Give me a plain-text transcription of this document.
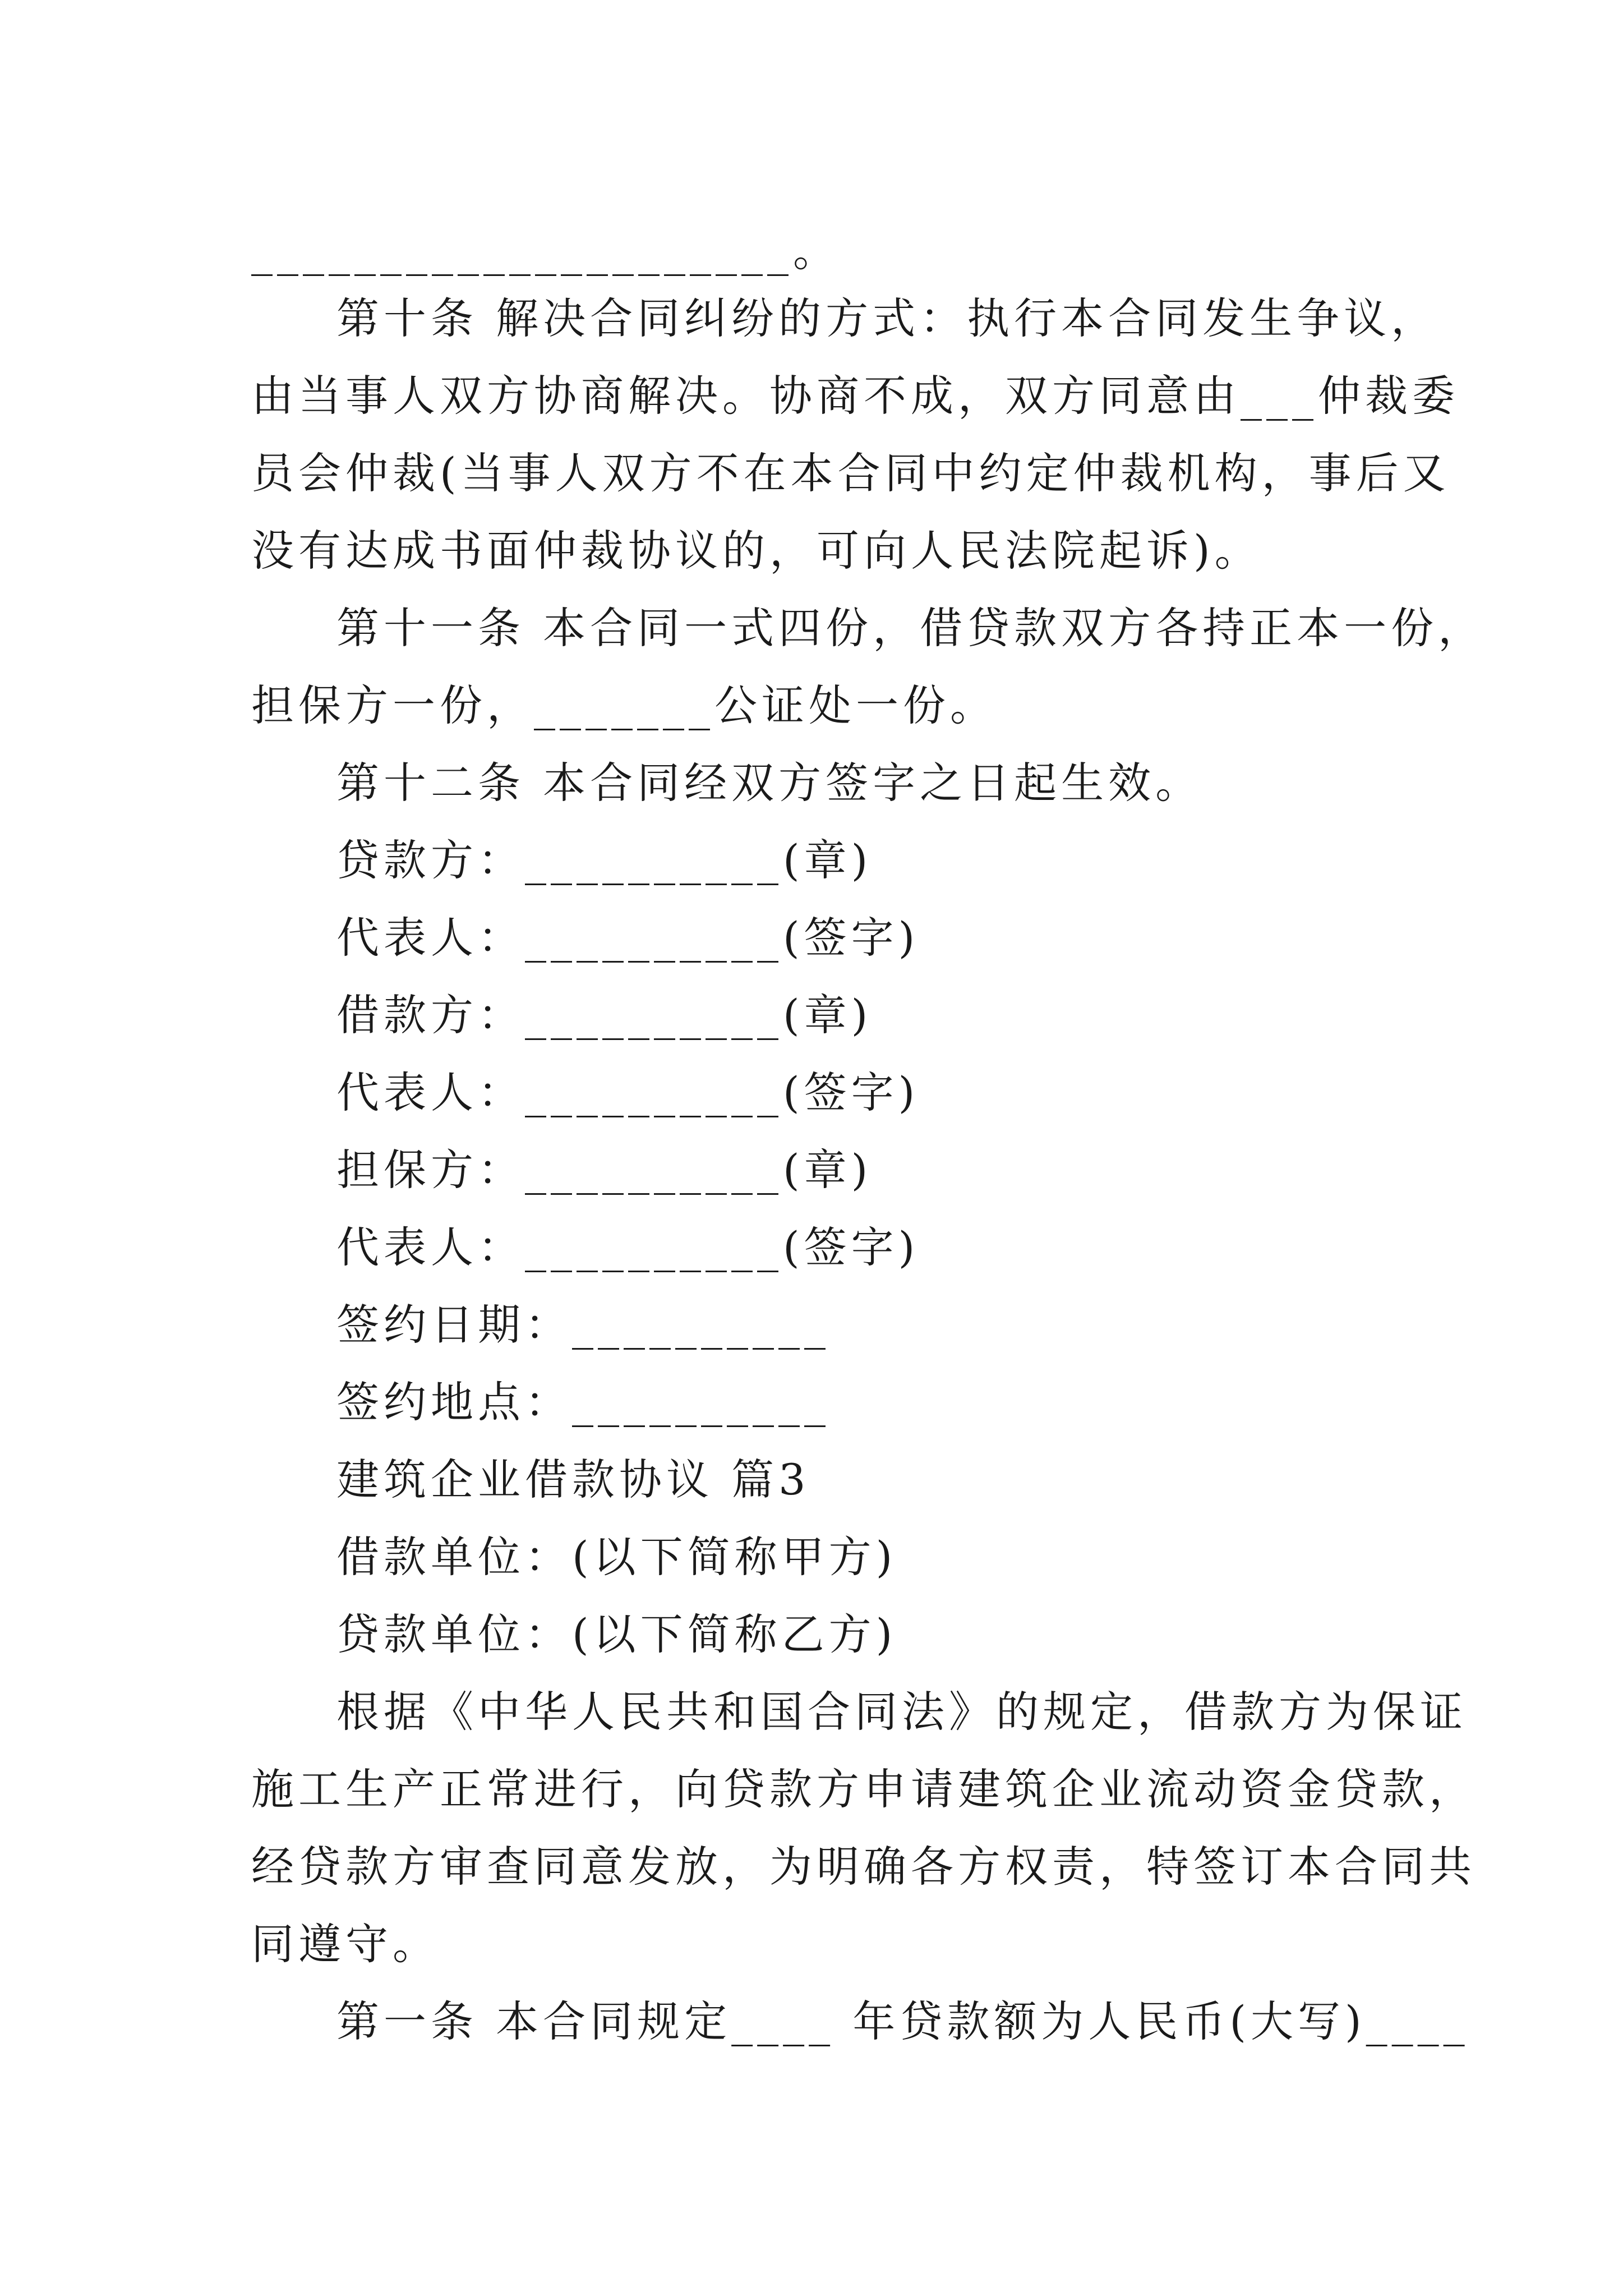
_____________________。
第十条 解决合同纠纷的方式：执行本合同发生争议，
由当事人双方协商解决。协商不成，双方同意由___仲裁委
员会仲裁(当事人双方不在本合同中约定仲裁机构，事后又
没有达成书面仲裁协议的，可向人民法院起诉)。
第十一条 本合同一式四份，借贷款双方各持正本一份，
担保方一份，_______公证处一份。
第十二条 本合同经双方签字之日起生效。
贷款方：__________(章)
代表人：__________(签字)
借款方：__________(章)
代表人：__________(签字)
担保方：__________(章)
代表人：__________(签字)
签约日期：__________
签约地点：__________
建筑企业借款协议 篇3
借款单位：(以下简称甲方)
贷款单位：(以下简称乙方)
根据《中华人民共和国合同法》的规定，借款方为保证
施工生产正常进行，向贷款方申请建筑企业流动资金贷款，
经贷款方审查同意发放，为明确各方权责，特签订本合同共
同遵守。
第一条 本合同规定____ 年贷款额为人民币(大写)____
